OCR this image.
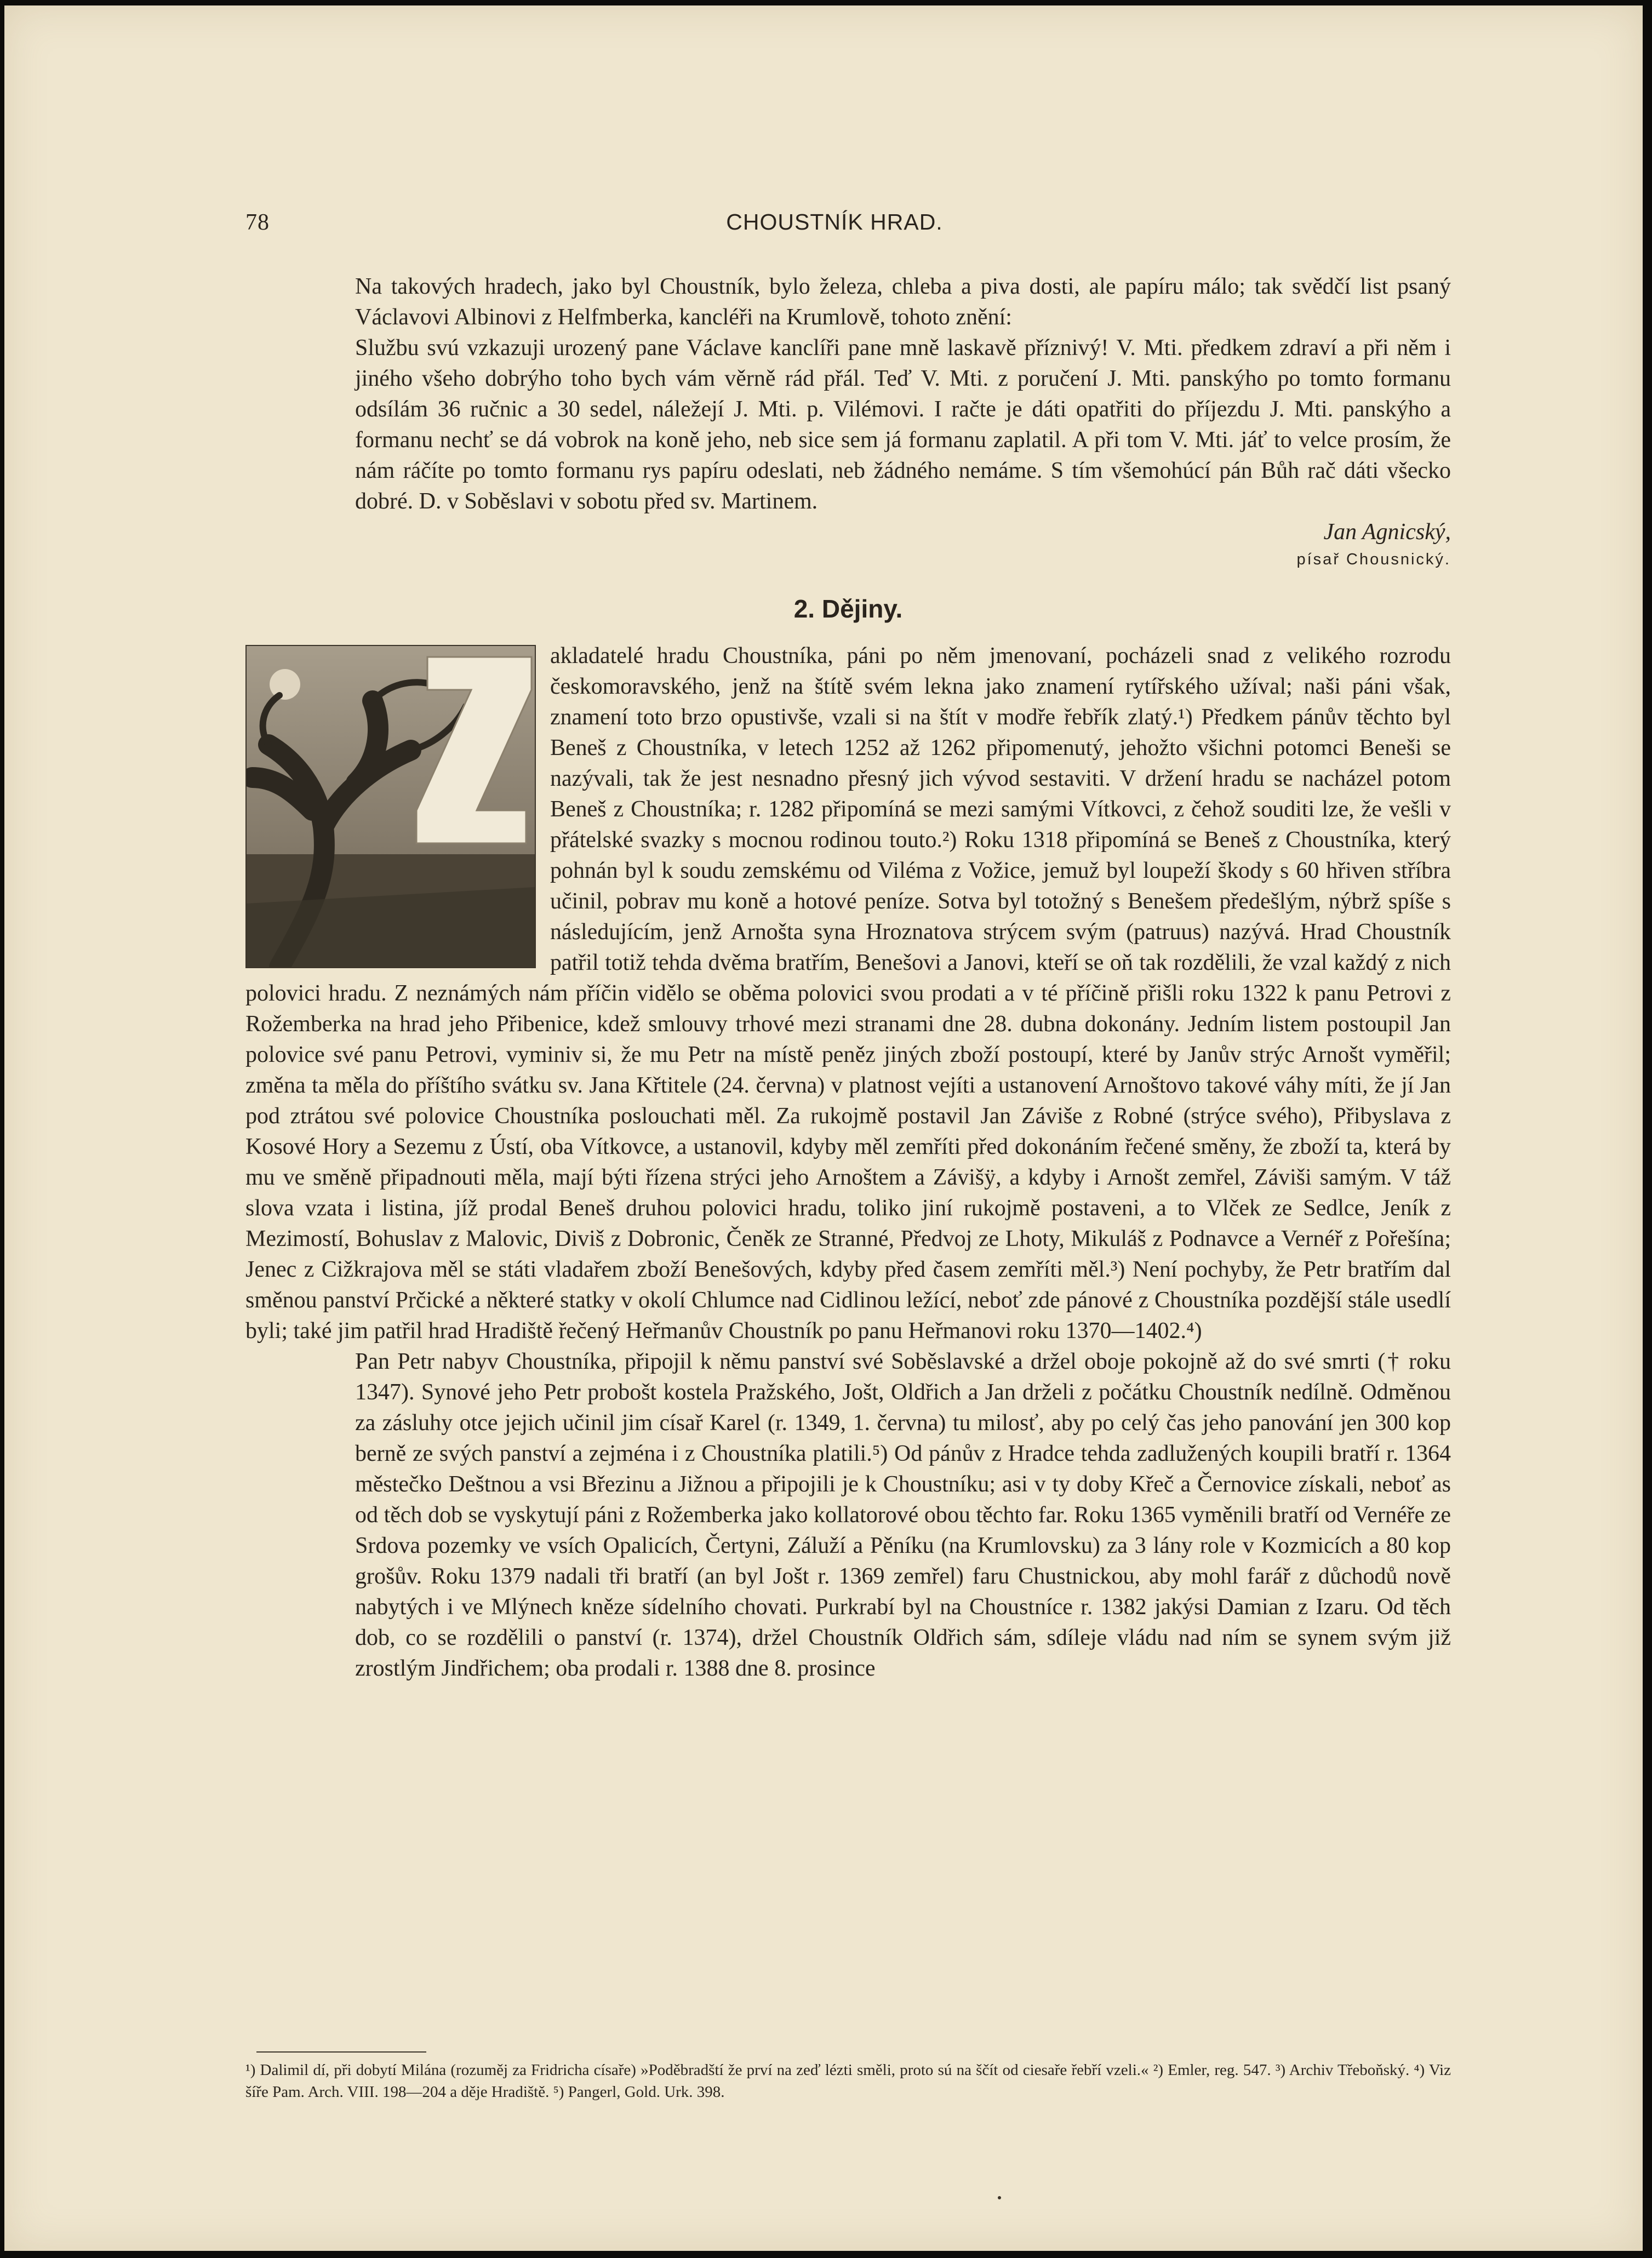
78	CHOUSTNÍK HRAD.

Na takových hradech, jako byl Choustník, bylo železa, chleba a piva dosti, ale papíru málo; tak svědčí list psaný Václavovi Albinovi z Helfmberka, kancléři na Krumlově, tohoto znění:

Službu svú vzkazuji urozený pane Václave kanclíři pane mně laskavě příznivý! V. Mti. předkem zdraví a při něm i jiného všeho dobrýho toho bych vám věrně rád přál. Teď V. Mti. z poručení J. Mti. panskýho po tomto formanu odsílám 36 ručnic a 30 sedel, náležejí J. Mti. p. Vilémovi. I račte je dáti opatřiti do příjezdu J. Mti. panskýho a formanu nechť se dá vobrok na koně jeho, neb sice sem já formanu zaplatil. A při tom V. Mti. jáť to velce prosím, že nám ráčíte po tomto formanu rys papíru odeslati, neb žádného nemáme. S tím všemohúcí pán Bůh rač dáti všecko dobré. D. v Soběslavi v sobotu před sv. Martinem.

Jan Agnicský,

písař Chousnický.

2. Dějiny.

akladatelé hradu Choustníka, páni po něm jmenovaní, pocházeli snad z velikého rozrodu českomoravského, jenž na štítě svém lekna jako znamení rytířského užíval; naši páni však, znamení toto brzo opustivše, vzali si na štít v modře řebřík zlatý.¹) Předkem pánův těchto byl Beneš z Choustníka, v letech 1252 až 1262 připomenutý, jehožto všichni potomci Beneši se nazývali, tak že jest nesnadno přesný jich vývod sestaviti. V držení hradu se nacházel potom Beneš z Choustníka; r. 1282 připomíná se mezi samými Vítkovci, z čehož souditi lze, že vešli v přátelské svazky s mocnou rodinou touto.²) Roku 1318 připomíná se Beneš z Choustníka, který pohnán byl k soudu zemskému od Viléma z Vožice, jemuž byl loupeží škody s 60 hřiven stříbra učinil, pobrav mu koně a hotové peníze. Sotva byl totožný s Benešem předešlým, nýbrž spíše s následujícím, jenž Arnošta syna Hroznatova strýcem svým (patruus) nazývá. Hrad Choustník patřil totiž tehda dvěma bratřím, Benešovi a Janovi, kteří se oň tak rozdělili, že vzal každý z nich polovici hradu. Z neznámých nám příčin vidělo se oběma polovici svou prodati a v té příčině přišli roku 1322 k panu Petrovi z Rožemberka na hrad jeho Přibenice, kdež smlouvy trhové mezi stranami dne 28. dubna dokonány. Jedním listem postoupil Jan polovice své panu Petrovi, vyminiv si, že mu Petr na místě peněz jiných zboží postoupí, které by Janův strýc Arnošt vyměřil; změna ta měla do příštího svátku sv. Jana Křtitele (24. června) v platnost vejíti a ustanovení Arnoštovo takové váhy míti, že jí Jan pod ztrátou své polovice Choustníka poslouchati měl. Za rukojmě postavil Jan Záviše z Robné (strýce svého), Přibyslava z Kosové Hory a Sezemu z Ústí, oba Vítkovce, a ustanovil, kdyby měl zemříti před dokonáním řečené směny, že zboží ta, která by mu ve směně připadnouti měla, mají býti řízena strýci jeho Arnoštem a Závišÿ, a kdyby i Arnošt zemřel, Záviši samým. V táž slova vzata i listina, jíž prodal Beneš druhou polovici hradu, toliko jiní rukojmě postaveni, a to Vlček ze Sedlce, Jeník z Mezimostí, Bohuslav z Malovic, Diviš z Dobronic, Čeněk ze Stranné, Předvoj ze Lhoty, Mikuláš z Podnavce a Vernéř z Pořešína; Jenec z Cižkrajova měl se státi vladařem zboží Benešových, kdyby před časem zemříti měl.³) Není pochyby, že Petr bratřím dal směnou panství Prčické a některé statky v okolí Chlumce nad Cidlinou ležící, neboť zde pánové z Choustníka pozdější stále usedlí byli; také jim patřil hrad Hradiště řečený Heřmanův Choustník po panu Heřmanovi roku 1370—1402.⁴)

Pan Petr nabyv Choustníka, připojil k němu panství své Soběslavské a držel oboje pokojně až do své smrti († roku 1347). Synové jeho Petr probošt kostela Pražského, Jošt, Oldřich a Jan drželi z počátku Choustník nedílně. Odměnou za zásluhy otce jejich učinil jim císař Karel (r. 1349, 1. června) tu milosť, aby po celý čas jeho panování jen 300 kop berně ze svých panství a zejména i z Choustníka platili.⁵) Od pánův z Hradce tehda zadlužených koupili bratří r. 1364 městečko Deštnou a vsi Březinu a Jižnou a připojili je k Choustníku; asi v ty doby Křeč a Černovice získali, neboť as od těch dob se vyskytují páni z Rožemberka jako kollatorové obou těchto far. Roku 1365 vyměnili bratří od Vernéře ze Srdova pozemky ve vsích Opalicích, Čertyni, Záluží a Pěníku (na Krumlovsku) za 3 lány role v Kozmicích a 80 kop grošův. Roku 1379 nadali tři bratří (an byl Jošt r. 1369 zemřel) faru Chustnickou, aby mohl farář z důchodů nově nabytých i ve Mlýnech kněze sídelního chovati. Purkrabí byl na Choustníce r. 1382 jakýsi Damian z Izaru. Od těch dob, co se rozdělili o panství (r. 1374), držel Choustník Oldřich sám, sdíleje vládu nad ním se synem svým již zrostlým Jindřichem; oba prodali r. 1388 dne 8. prosince

¹) Dalimil dí, při dobytí Milána (rozuměj za Fridricha císaře) »Poděbradští že prví na zeď lézti směli, proto sú na ščít od ciesaře řebří vzeli.« ²) Emler, reg. 547. ³) Archiv Třeboňský. ⁴) Viz šíře Pam. Arch. VIII. 198—204 a děje Hradiště. ⁵) Pangerl, Gold. Urk. 398.
